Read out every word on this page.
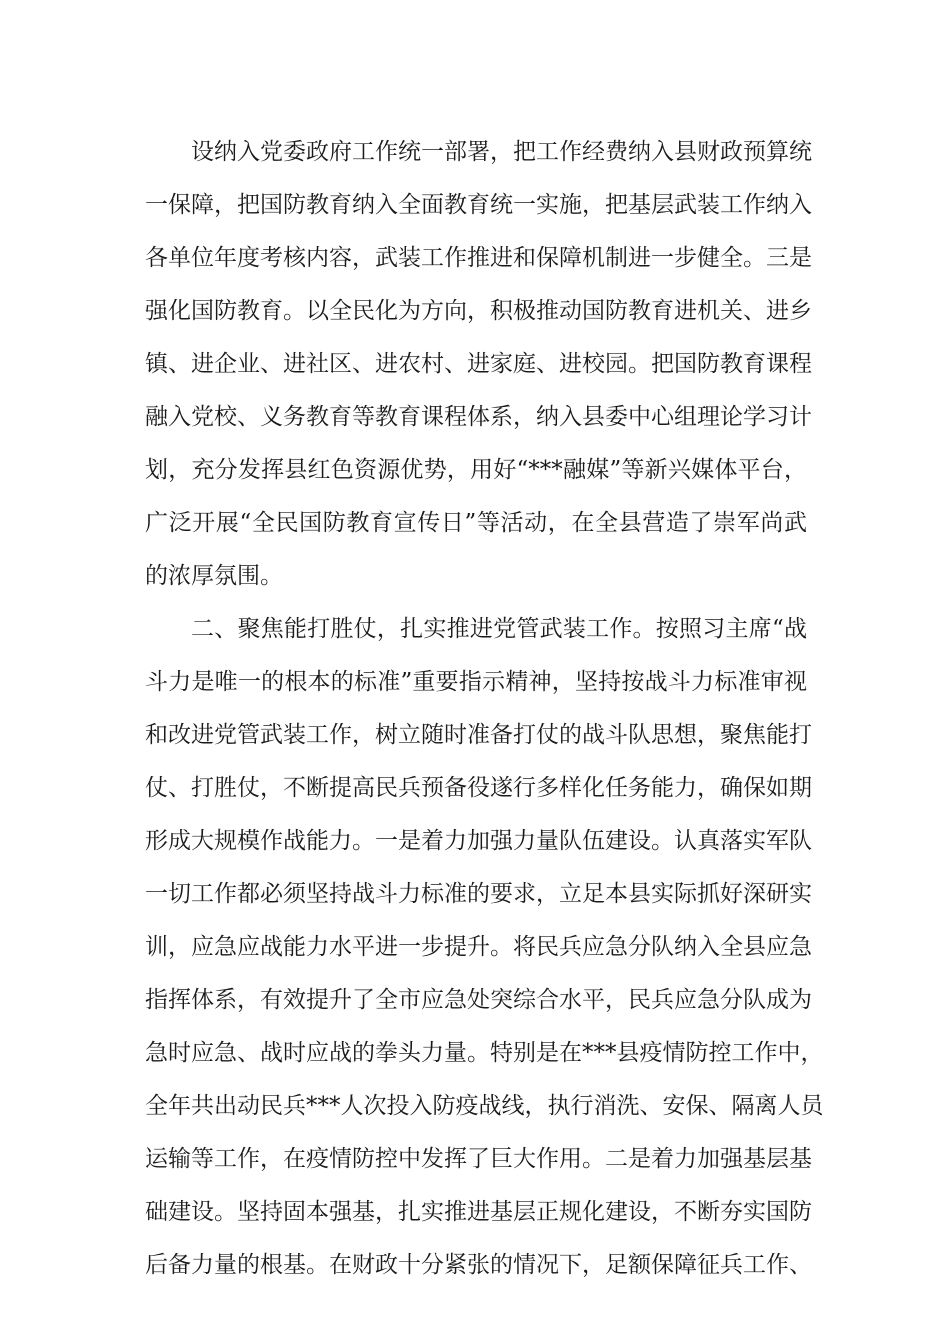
设纳入党委政府工作统一部署，把工作经费纳入县财政预算统
一保障，把国防教育纳入全面教育统一实施，把基层武装工作纳入
各单位年度考核内容，武装工作推进和保障机制进一步健全。三是
强化国防教育。以全民化为方向，积极推动国防教育进机关、进乡
镇、进企业、进社区、进农村、进家庭、进校园。把国防教育课程
融入党校、义务教育等教育课程体系，纳入县委中心组理论学习计
划，充分发挥县红色资源优势，用好“***融媒”等新兴媒体平台，
广泛开展“全民国防教育宣传日”等活动，在全县营造了崇军尚武
的浓厚氛围。
二、聚焦能打胜仗，扎实推进党管武装工作。按照习主席“战
斗力是唯一的根本的标准”重要指示精神，坚持按战斗力标准审视
和改进党管武装工作，树立随时准备打仗的战斗队思想，聚焦能打
仗、打胜仗，不断提高民兵预备役遂行多样化任务能力，确保如期
形成大规模作战能力。一是着力加强力量队伍建设。认真落实军队
一切工作都必须坚持战斗力标准的要求，立足本县实际抓好深研实
训，应急应战能力水平进一步提升。将民兵应急分队纳入全县应急
指挥体系，有效提升了全市应急处突综合水平，民兵应急分队成为
急时应急、战时应战的拳头力量。特别是在***县疫情防控工作中，
全年共出动民兵***人次投入防疫战线，执行消洗、安保、隔离人员
运输等工作，在疫情防控中发挥了巨大作用。二是着力加强基层基
础建设。坚持固本强基，扎实推进基层正规化建设，不断夯实国防
后备力量的根基。在财政十分紧张的情况下，足额保障征兵工作、
